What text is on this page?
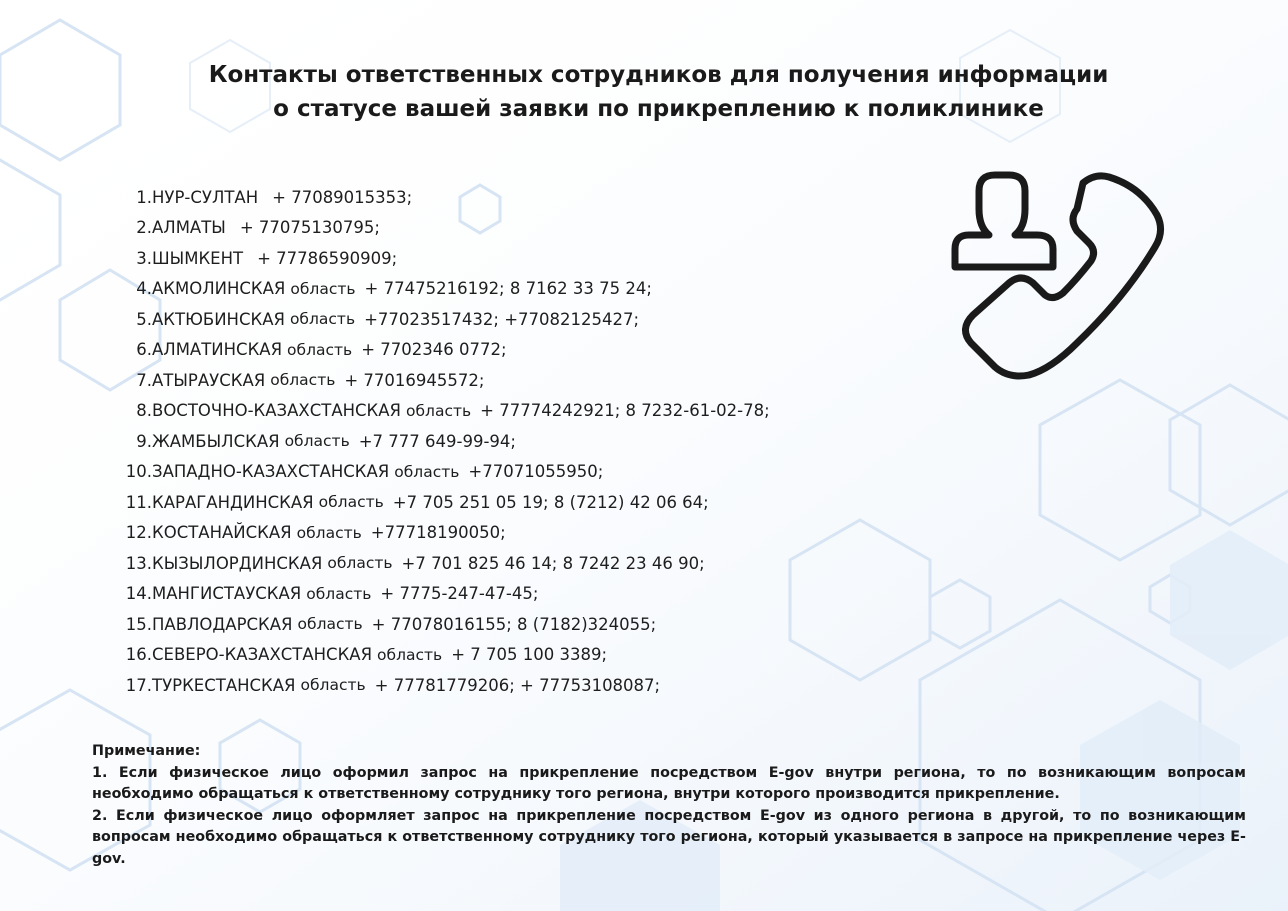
Контакты ответственных сотрудников для получения информации о статусе вашей заявки по прикреплению к поликлинике
1. НУР-СУЛТАН + 77089015353;
2. АЛМАТЫ + 77075130795;
3. ШЫМКЕНТ + 77786590909;
4. АКМОЛИНСКАЯ область + 77475216192; 8 7162 33 75 24;
5. АКТЮБИНСКАЯ область +77023517432; +77082125427;
6. АЛМАТИНСКАЯ область + 7702346 0772;
7. АТЫРАУСКАЯ область + 77016945572;
8. ВОСТОЧНО-КАЗАХСТАНСКАЯ область + 77774242921; 8 7232-61-02-78;
9. ЖАМБЫЛСКАЯ область +7 777 649-99-94;
10. ЗАПАДНО-КАЗАХСТАНСКАЯ область +77071055950;
11. КАРАГАНДИНСКАЯ область +7 705 251 05 19; 8 (7212) 42 06 64;
12. КОСТАНАЙСКАЯ область +77718190050;
13. КЫЗЫЛОРДИНСКАЯ область +7 701 825 46 14; 8 7242 23 46 90;
14. МАНГИСТАУСКАЯ область + 7775-247-47-45;
15. ПАВЛОДАРСКАЯ область + 77078016155; 8 (7182)324055;
16. СЕВЕРО-КАЗАХСТАНСКАЯ область + 7 705 100 3389;
17. ТУРКЕСТАНСКАЯ область + 77781779206; + 77753108087;

Примечание:

1. Если физическое лицо оформил запрос на прикрепление посредством E-gov внутри региона, то по возникающим вопросам необходимо обращаться к ответственному сотруднику того региона, внутри которого производится прикрепление.

2. Если физическое лицо оформляет запрос на прикрепление посредством E-gov из одного региона в другой, то по возникающим вопросам необходимо обращаться к ответственному сотруднику того региона, который указывается в запросе на прикрепление через E-gov.
